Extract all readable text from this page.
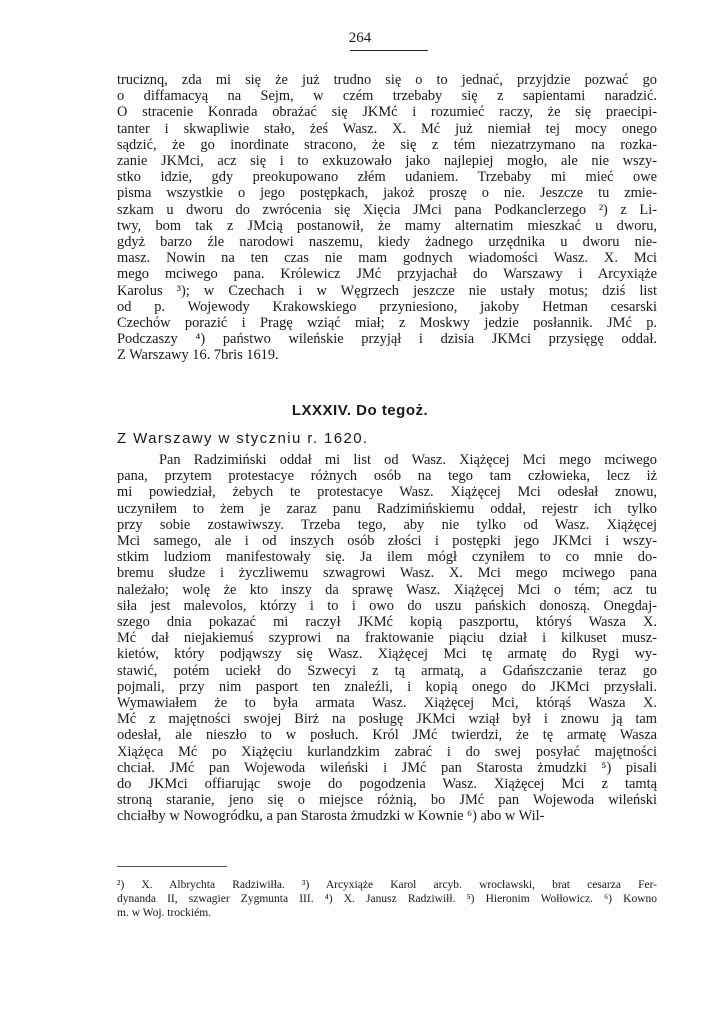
264
truciznq, zda mi się że już trudno się o to jednać, przyjdzie pozwać go
o diffamacyą na Sejm, w czém trzebaby się z sapientami naradzić.
O stracenie Konrada obrażać się JKMć i rozumieć raczy, że się praecipi-
tanter i skwapliwie stało, żeś Wasz. X. Mć już niemiał tej mocy onego
sądzić, że go inordinate stracono, że się z tém niezatrzymano na rozka-
zanie JKMci, acz się i to exkuzowało jako najlepiej mogło, ale nie wszy-
stko idzie, gdy preokupowano złém udaniem. Trzebaby mi mieć owe
pisma wszystkie o jego postępkach, jakoż proszę o nie. Jeszcze tu zmie-
szkam u dworu do zwrócenia się Xięcia JMci pana Podkanclerzego ²) z Li-
twy, bom tak z JMcią postanowił, że mamy alternatim mieszkać u dworu,
gdyż barzo źle narodowi naszemu, kiedy żadnego urzędnika u dworu nie-
masz. Nowin na ten czas nie mam godnych wiadomości Wasz. X. Mci
mego mciwego pana. Królewicz JMć przyjachał do Warszawy i Arcyxiąże
Karolus ³); w Czechach i w Węgrzech jeszcze nie ustały motus; dziś list
od p. Wojewody Krakowskiego przyniesiono, jakoby Hetman cesarski
Czechów porazić i Pragę wziąć miał; z Moskwy jedzie posłannik. JMć p.
Podczaszy ⁴) państwo wileńskie przyjął i dzisia JKMci przysięgę oddał.
Z Warszawy 16. 7bris 1619.
LXXXIV. Do tegoż.
Z Warszawy w styczniu r. 1620.
Pan Radzimiński oddał mi list od Wasz. Xiążęcej Mci mego mciwego
pana, przytem protestacye różnych osób na tego tam człowieka, lecz iż
mi powiedział, żebych te protestacye Wasz. Xiążęcej Mci odesłał znowu,
uczyniłem to żem je zaraz panu Radzimińskiemu oddał, rejestr ich tylko
przy sobie zostawiwszy. Trzeba tego, aby nie tylko od Wasz. Xiążęcej
Mci samego, ale i od inszych osób złości i postępki jego JKMci i wszy-
stkim ludziom manifestowały się. Ja ilem mógł czyniłem to co mnie do-
bremu słudze i życzliwemu szwagrowi Wasz. X. Mci mego mciwego pana
należało; wolę że kto inszy da sprawę Wasz. Xiążęcej Mci o tém; acz tu
siła jest malevolos, którzy i to i owo do uszu pańskich donoszą. Onegdaj-
szego dnia pokazać mi raczył JKMć kopią paszportu, któryś Wasza X.
Mć dał niejakiemuś szyprowi na fraktowanie piąciu dział i kilkuset musz-
kietów, który podjąwszy się Wasz. Xiążęcej Mci tę armatę do Rygi wy-
stawić, potém uciekł do Szwecyi z tą armatą, a Gdańszczanie teraz go
pojmali, przy nim pasport ten znaleźli, i kopią onego do JKMci przysłali.
Wymawiałem że to była armata Wasz. Xiążęcej Mci, którąś Wasza X.
Mć z majętności swojej Birż na posługę JKMci wziął był i znowu ją tam
odesłał, ale nieszło to w posłuch. Król JMć twierdzi, że tę armatę Wasza
Xiążęca Mć po Xiążęciu kurlandzkim zabrać i do swej posyłać majętności
chciał. JMć pan Wojewoda wileński i JMć pan Starosta żmudzki ⁵) pisali
do JKMci offiarując swoje do pogodzenia Wasz. Xiążęcej Mci z tamtą
stroną staranie, jeno się o miejsce różnią, bo JMć pan Wojewoda wileński
chciałby w Nowogródku, a pan Starosta żmudzki w Kownie ⁶) abo w Wil-
²) X. Albrychta Radziwiłła. ³) Arcyxiąże Karol arcyb. wrocławski, brat cesarza Fer-
dynanda II, szwagier Zygmunta III. ⁴) X. Janusz Radziwiłł. ⁵) Hieronim Wołłowicz. ⁶) Kowno
m. w Woj. trockiém.
